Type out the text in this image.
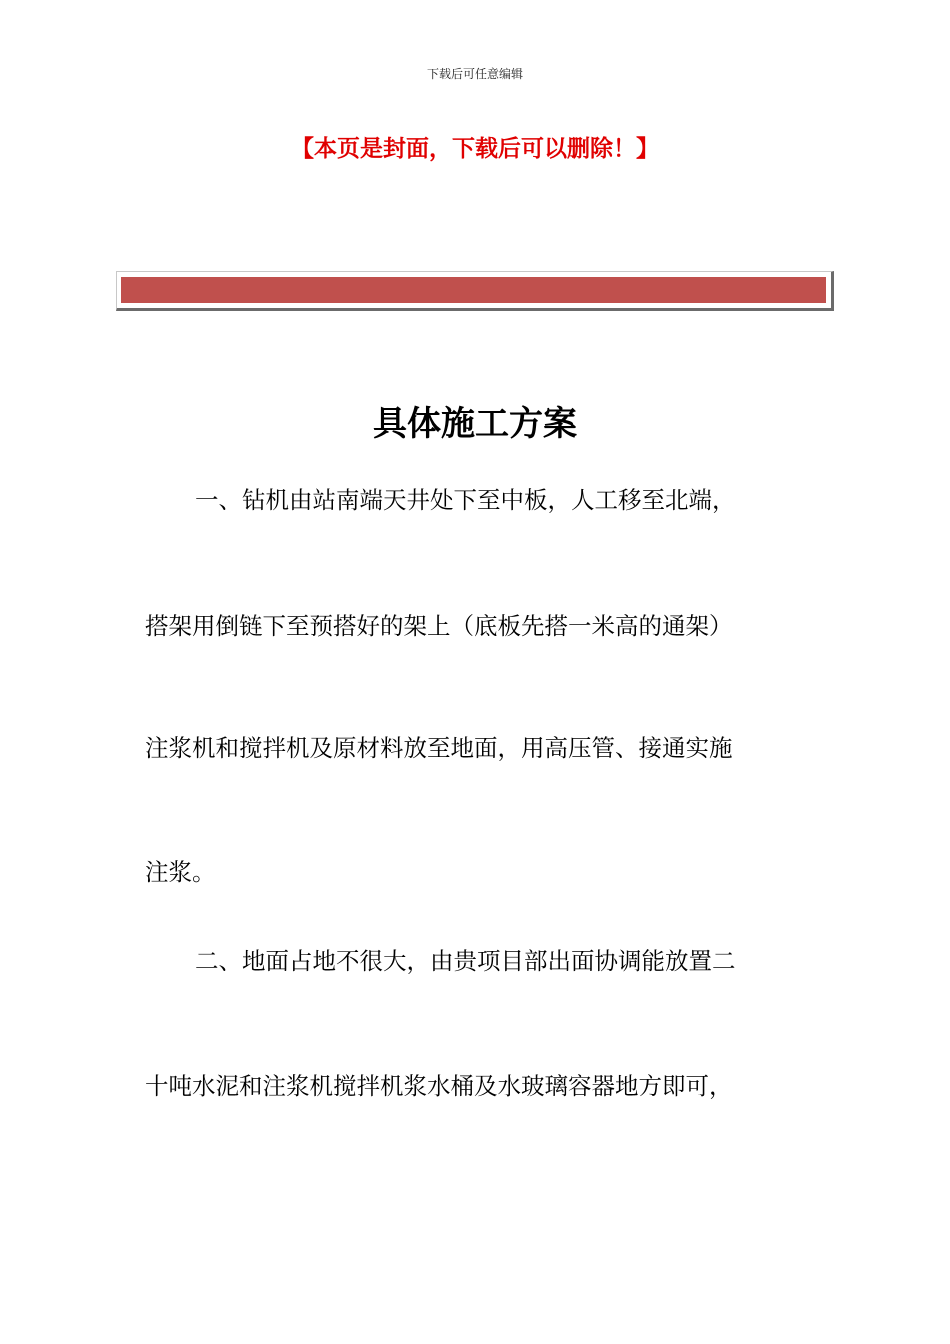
下载后可任意编辑
【本页是封面，下载后可以删除！】
具体施工方案
一、钻机由站南端天井处下至中板，人工移至北端，
搭架用倒链下至预搭好的架上（底板先搭一米高的通架）
注浆机和搅拌机及原材料放至地面，用高压管、接通实施
注浆。
二、地面占地不很大，由贵项目部出面协调能放置二
十吨水泥和注浆机搅拌机浆水桶及水玻璃容器地方即可，
